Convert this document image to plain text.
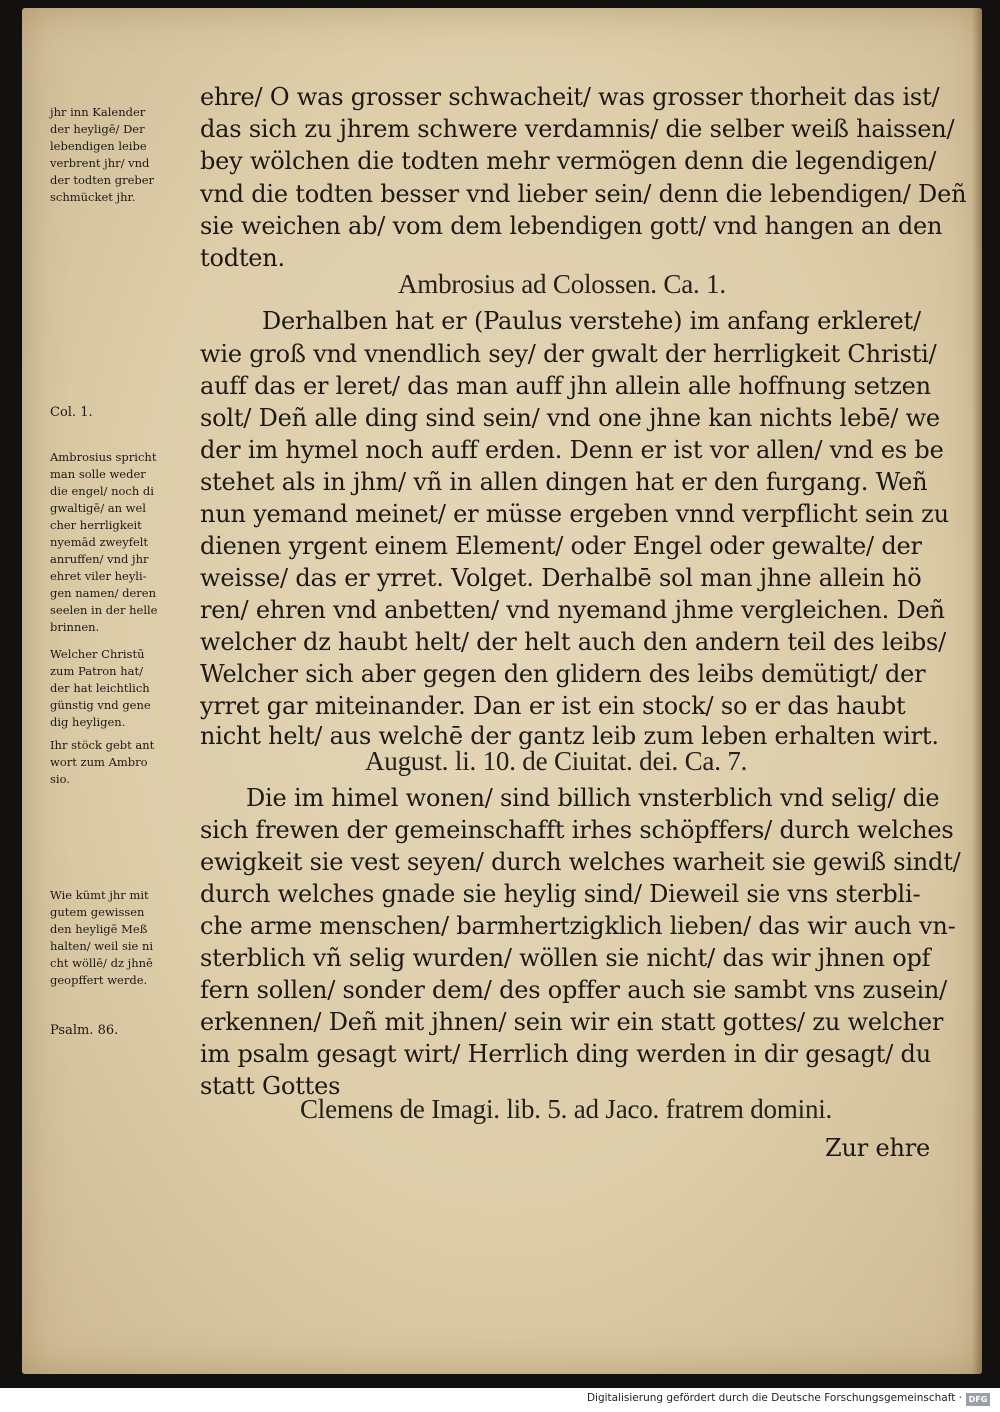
ehre/ O was grosser schwacheit/ was grosser thorheit das ist/
das sich zu jhrem schwere verdamnis/ die selber weiß haissen/
bey wölchen die todten mehr vermögen denn die legendigen/
vnd die todten besser vnd lieber sein/ denn die lebendigen/ Deñ
sie weichen ab/ vom dem lebendigen gott/ vnd hangen an den
todten.
Ambrosius ad Colossen. Ca. 1.
Derhalben hat er (Paulus verstehe) im anfang erkleret/
wie groß vnd vnendlich sey/ der gwalt der herrligkeit Christi/
auff das er leret/ das man auff jhn allein alle hoffnung setzen
solt/ Deñ alle ding sind sein/ vnd one jhne kan nichts lebē/ we
der im hymel noch auff erden. Denn er ist vor allen/ vnd es be
stehet als in jhm/ vñ in allen dingen hat er den furgang. Weñ
nun yemand meinet/ er müsse ergeben vnnd verpflicht sein zu
dienen yrgent einem Element/ oder Engel oder gewalte/ der
weisse/ das er yrret. Volget. Derhalbē sol man jhne allein hö
ren/ ehren vnd anbetten/ vnd nyemand jhme vergleichen. Deñ
welcher dz haubt helt/ der helt auch den andern teil des leibs/
Welcher sich aber gegen den glidern des leibs demütigt/ der
yrret gar miteinander. Dan er ist ein stock/ so er das haubt
nicht helt/ aus welchē der gantz leib zum leben erhalten wirt.
August. li. 10. de Ciuitat. dei. Ca. 7.
Die im himel wonen/ sind billich vnsterblich vnd selig/ die
sich frewen der gemeinschafft irhes schöpffers/ durch welches
ewigkeit sie vest seyen/ durch welches warheit sie gewiß sindt/
durch welches gnade sie heylig sind/ Dieweil sie vns sterbli-
che arme menschen/ barmhertzigklich lieben/ das wir auch vn-
sterblich vñ selig wurden/ wöllen sie nicht/ das wir jhnen opf
fern sollen/ sonder dem/ des opffer auch sie sambt vns zusein/
erkennen/ Deñ mit jhnen/ sein wir ein statt gottes/ zu welcher
im psalm gesagt wirt/ Herrlich ding werden in dir gesagt/ du
statt Gottes
Clemens de Imagi. lib. 5. ad Jaco. fratrem domini.
Zur ehre
jhr inn Kalender
der heyligē/ Der
lebendigen leibe
verbrent jhr/ vnd
der todten greber
schmücket jhr.
Col. 1.
Ambrosius spricht
man solle weder
die engel/ noch di
gwaltigē/ an wel
cher herrligkeit
nyemād zweyfelt
anruffen/ vnd jhr
ehret viler heyli-
gen namen/ deren
seelen in der helle
brinnen.
Welcher Christū
zum Patron hat/
der hat leichtlich
günstig vnd gene
dig heyligen.
Ihr stöck gebt ant
wort zum Ambro
sio.
Wie kümt jhr mit
gutem gewissen
den heyligē Meß
halten/ weil sie ni
cht wöllē/ dz jhnē
geopffert werde.
Psalm. 86.
Digitalisierung gefördert durch die Deutsche Forschungsgemeinschaft · DFG
